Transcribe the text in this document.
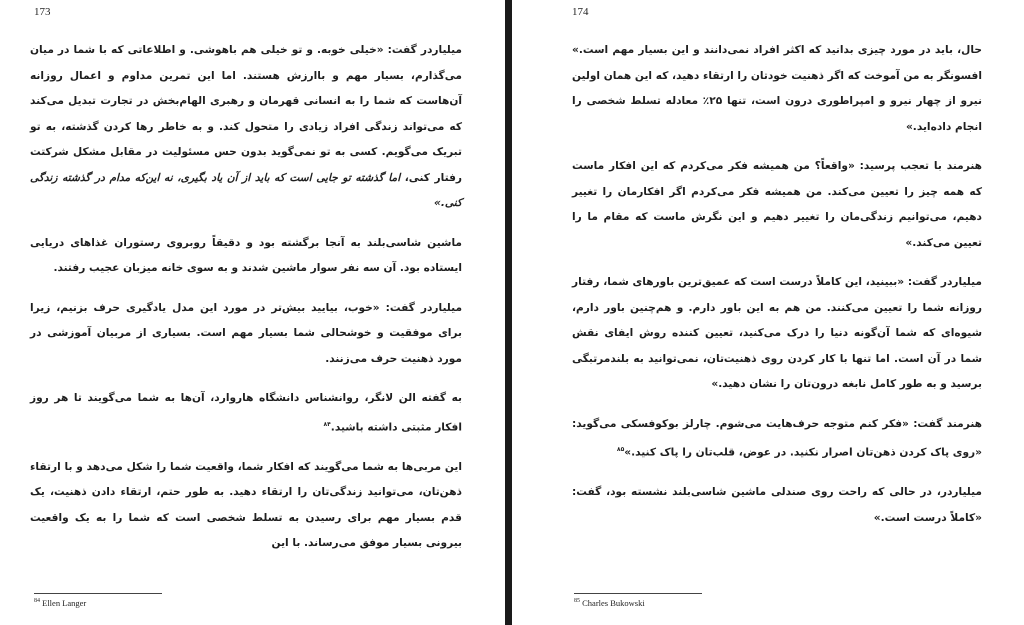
173

میلیاردر گفت: «خیلی خوبه. و تو خیلی هم باهوشی. و اطلاعاتی که با شما در میان می‌گذارم، بسیار مهم و باارزش هستند. اما این تمرین مداوم و اعمال روزانه آن‌هاست که شما را به انسانی قهرمان و رهبری الهام‌بخش در تجارت تبدیل می‌کند که می‌تواند زندگی افراد زیادی را متحول کند. و به خاطر رها کردن گذشته، به تو تبریک می‌گویم. کسی به تو نمی‌گوید بدون حس مسئولیت در مقابل مشکل شرکتت رفتار کنی، اما گذشته تو جایی است که باید از آن یاد بگیری، نه این‌که مدام در گذشته زندگی کنی.»

ماشین شاسی‌بلند به آنجا برگشته بود و دقیقاً روبروی رستوران غذاهای دریایی ایستاده بود. آن سه نفر سوار ماشین شدند و به سوی خانه میزبان عجیب رفتند.

میلیاردر گفت: «خوب، بیایید بیش‌تر در مورد این مدل یادگیری حرف بزنیم، زیرا برای موفقیت و خوشحالی شما بسیار مهم است. بسیاری از مربیان آموزشی در مورد ذهنیت حرف می‌زنند.

به گفته الن لانگر، روانشناس دانشگاه هاروارد، آن‌ها به شما می‌گویند تا هر روز افکار مثبتی داشته باشید.$^{۸۴}$

این مربی‌ها به شما می‌گویند که افکار شما، واقعیت شما را شکل می‌دهد و با ارتقاء ذهن‌تان، می‌توانید زندگی‌تان را ارتقاء دهید. به طور حتم، ارتقاء دادن ذهنیت، یک قدم بسیار مهم برای رسیدن به تسلط شخصی است که شما را به یک واقعیت بیرونی بسیار موفق می‌رساند. با این

$^{84}$ Ellen Langer
174

حال، باید در مورد چیزی بدانید که اکثر افراد نمی‌دانند و این بسیار مهم است.» افسونگر به من آموخت که اگر ذهنیت خودتان را ارتقاء دهید، که این همان اولین نیرو از چهار نیرو و امپراطوری درون است، تنها ۲۵٪ معادله تسلط شخصی را انجام داده‌اید.»

هنرمند با تعجب پرسید: «واقعاً؟ من همیشه فکر می‌کردم که این افکار ماست که همه چیز را تعیین می‌کند. من همیشه فکر می‌کردم اگر افکارمان را تغییر دهیم، می‌توانیم زندگی‌مان را تغییر دهیم و این نگرش ماست که مقام ما را تعیین می‌کند.»

میلیاردر گفت: «ببینید، این کاملاً درست است که عمیق‌ترین باورهای شما، رفتار روزانه شما را تعیین می‌کنند. من هم به این باور دارم. و هم‌چنین باور دارم، شیوه‌ای که شما آن‌گونه دنیا را درک می‌کنید، تعیین کننده روش ایفای نقش شما در آن است. اما تنها با کار کردن روی ذهنیت‌تان، نمی‌توانید به بلندمرتبگی برسید و به طور کامل نابغه درون‌تان را نشان دهید.»

هنرمند گفت: «فکر کنم متوجه حرف‌هایت می‌شوم. چارلز بوکوفسکی می‌گوید: «روی پاک کردن ذهن‌تان اصرار نکنید. در عوض، قلب‌تان را پاک کنید.»$^{۸۵}$

میلیاردر، در حالی که راحت روی صندلی ماشین شاسی‌بلند نشسته بود، گفت: «کاملاً درست است.»

$^{85}$ Charles Bukowski
